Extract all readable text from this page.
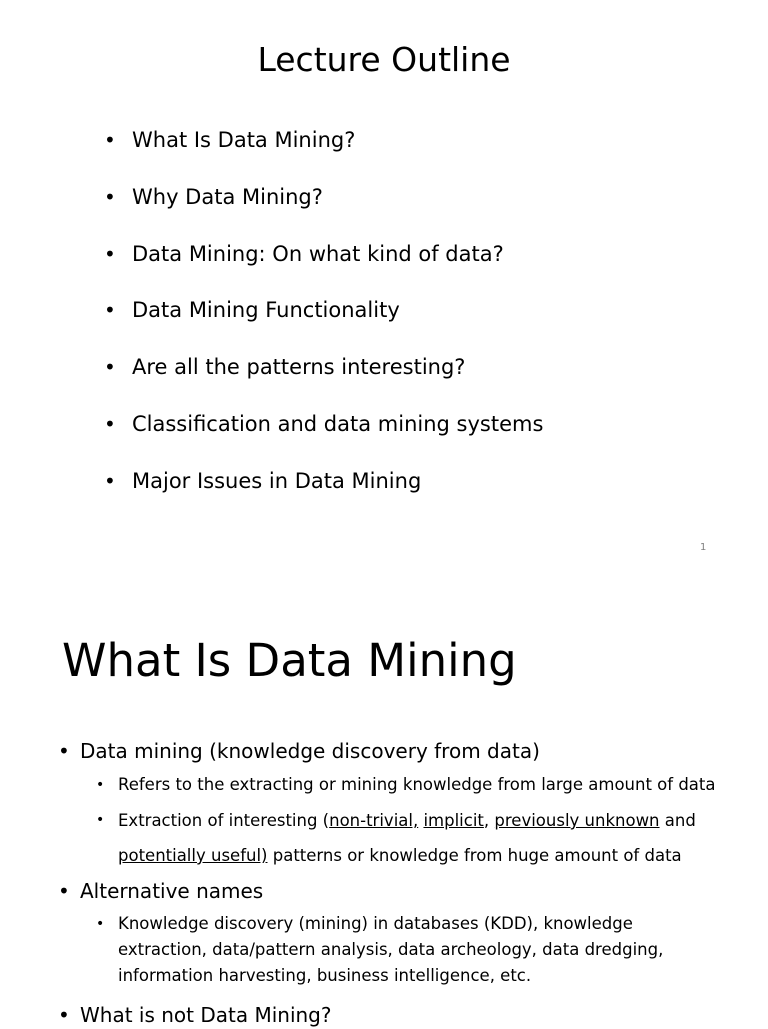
Lecture Outline
• What Is Data Mining?
• Why Data Mining?
• Data Mining: On what kind of data?
• Data Mining Functionality
• Are all the patterns interesting?
• Classification and data mining systems
• Major Issues in Data Mining
1
What Is Data Mining
• Data mining (knowledge discovery from data)
• Refers to the extracting or mining knowledge from large amount of data
• Extraction of interesting (non-trivial, implicit, previously unknown and potentially useful) patterns or knowledge from huge amount of data
• Alternative names
• Knowledge discovery (mining) in databases (KDD), knowledge extraction, data/pattern analysis, data archeology, data dredging, information harvesting, business intelligence, etc.
• What is not Data Mining?
